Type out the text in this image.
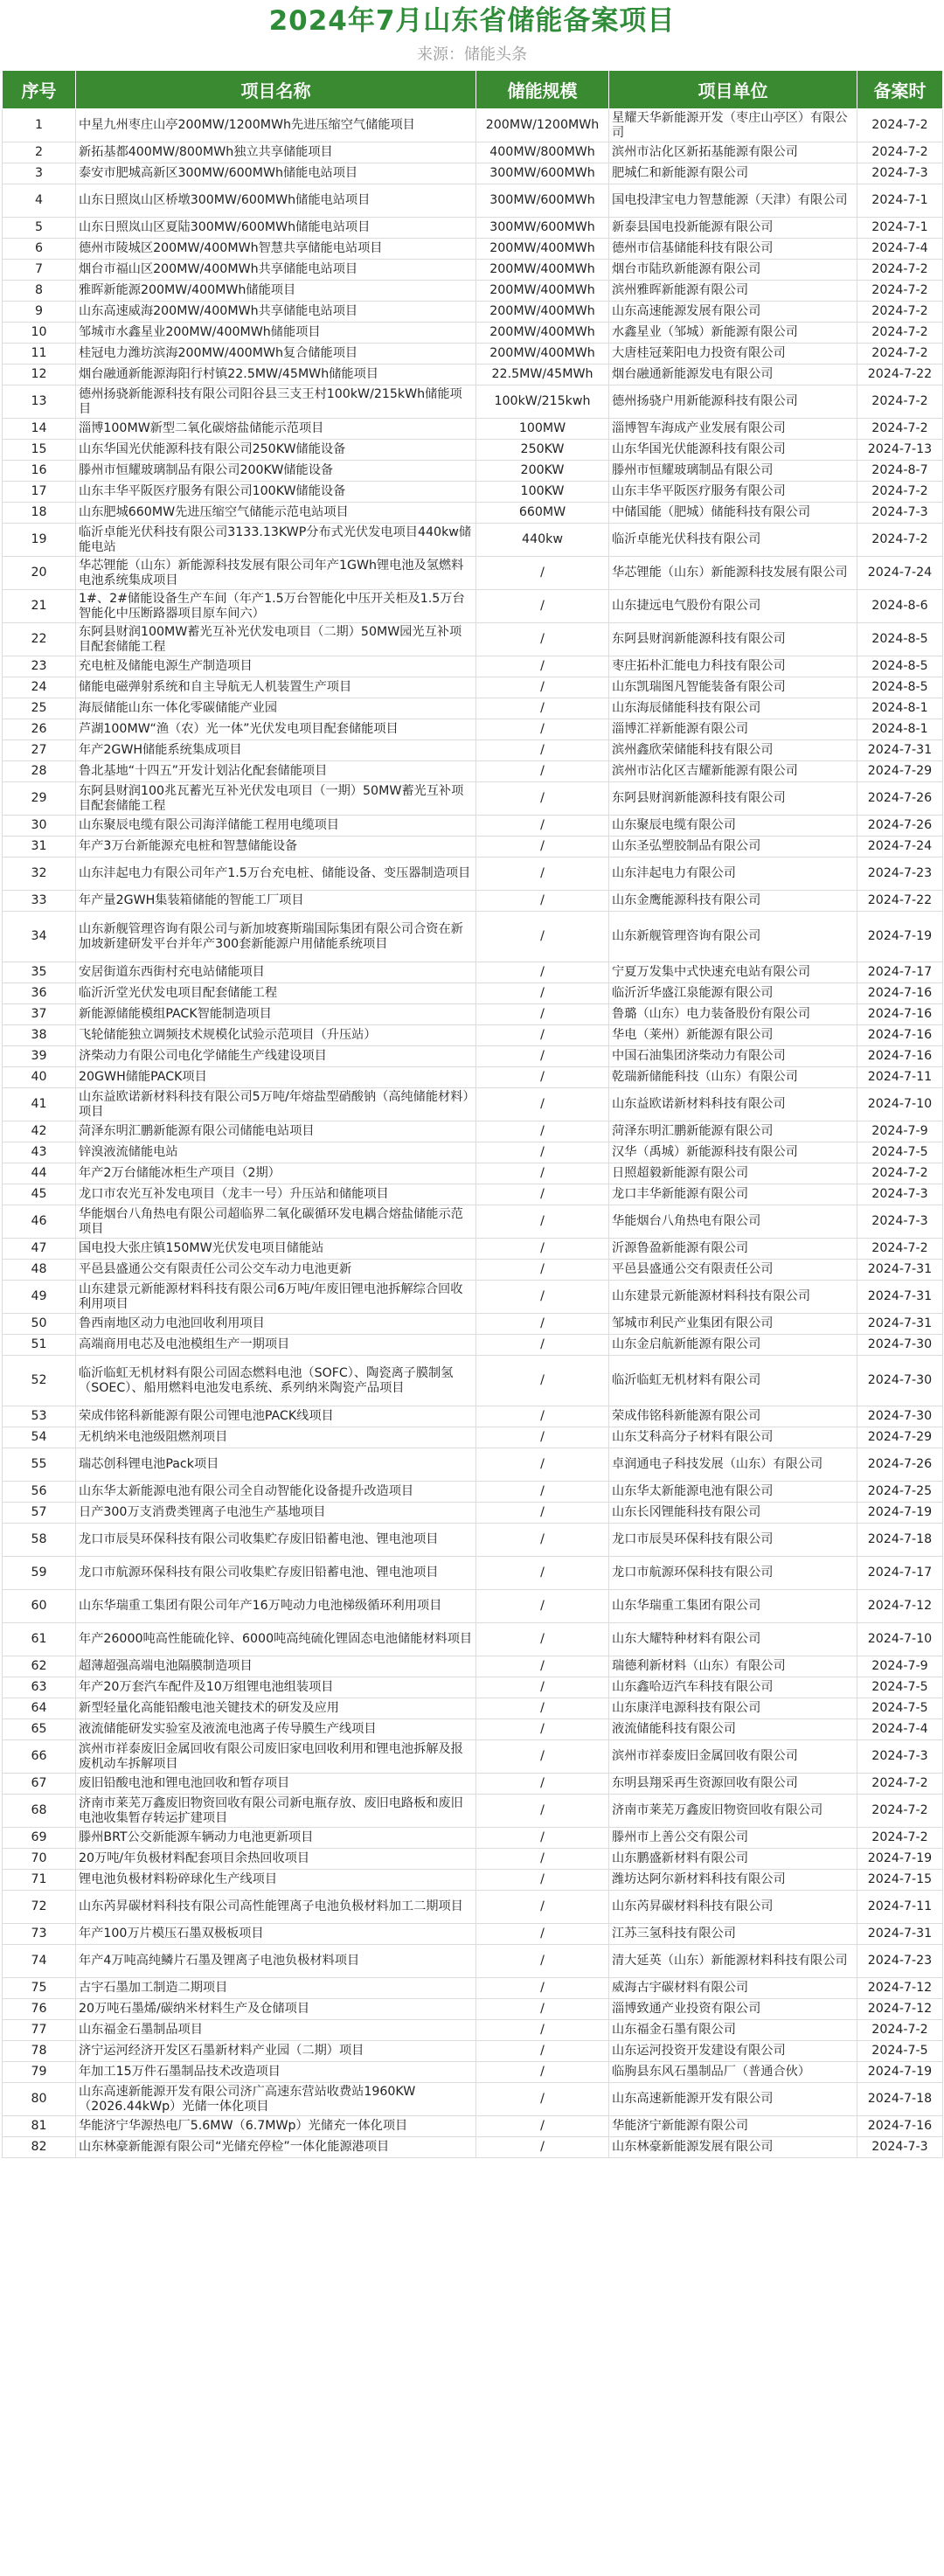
2024年7月山东省储能备案项目
来源：储能头条
序号	项目名称	储能规模	项目单位	备案时
1	中星九州枣庄山亭200MW/1200MWh先进压缩空气储能项目	200MW/1200MWh	星耀天华新能源开发（枣庄山亭区）有限公司	2024-7-2
2	新拓基都400MW/800MWh独立共享储能项目	400MW/800MWh	滨州市沾化区新拓基能源有限公司	2024-7-2
3	泰安市肥城高新区300MW/600MWh储能电站项目	300MW/600MWh	肥城仁和新能源有限公司	2024-7-3
4	山东日照岚山区桥墩300MW/600MWh储能电站项目	300MW/600MWh	国电投津宝电力智慧能源（天津）有限公司	2024-7-1
5	山东日照岚山区夏陆300MW/600MWh储能电站项目	300MW/600MWh	新泰县国电投新能源有限公司	2024-7-1
6	德州市陵城区200MW/400MWh智慧共享储能电站项目	200MW/400MWh	德州市信基储能科技有限公司	2024-7-4
7	烟台市福山区200MW/400MWh共享储能电站项目	200MW/400MWh	烟台市陆玖新能源有限公司	2024-7-2
8	雅晖新能源200MW/400MWh储能项目	200MW/400MWh	滨州雅晖新能源有限公司	2024-7-2
9	山东高速威海200MW/400MWh共享储能电站项目	200MW/400MWh	山东高速能源发展有限公司	2024-7-2
10	邹城市水鑫星业200MW/400MWh储能项目	200MW/400MWh	水鑫星业（邹城）新能源有限公司	2024-7-2
11	桂冠电力潍坊滨海200MW/400MWh复合储能项目	200MW/400MWh	大唐桂冠莱阳电力投资有限公司	2024-7-2
12	烟台融通新能源海阳行村镇22.5MW/45MWh储能项目	22.5MW/45MWh	烟台融通新能源发电有限公司	2024-7-22
13	德州扬骁新能源科技有限公司阳谷县三支王村100kW/215kWh储能项目	100kW/215kwh	德州扬骁户用新能源科技有限公司	2024-7-2
14	淄博100MW新型二氧化碳熔盐储能示范项目	100MW	淄博智车海成产业发展有限公司	2024-7-2
15	山东华国光伏能源科技有限公司250KW储能设备	250KW	山东华国光伏能源科技有限公司	2024-7-13
16	滕州市恒耀玻璃制品有限公司200KW储能设备	200KW	滕州市恒耀玻璃制品有限公司	2024-8-7
17	山东丰华平阪医疗服务有限公司100KW储能设备	100KW	山东丰华平阪医疗服务有限公司	2024-7-2
18	山东肥城660MW先进压缩空气储能示范电站项目	660MW	中储国能（肥城）储能科技有限公司	2024-7-3
19	临沂卓能光伏科技有限公司3133.13KWP分布式光伏发电项目440kw储能电站	440kw	临沂卓能光伏科技有限公司	2024-7-2
20	华芯锂能（山东）新能源科技发展有限公司年产1GWh锂电池及氢燃料电池系统集成项目	/	华芯锂能（山东）新能源科技发展有限公司	2024-7-24
21	1#、2#储能设备生产车间（年产1.5万台智能化中压开关柜及1.5万台智能化中压断路器项目原车间六）	/	山东捷远电气股份有限公司	2024-8-6
22	东阿县财润100MW蓄光互补光伏发电项目（二期）50MW园光互补项目配套储能工程	/	东阿县财润新能源科技有限公司	2024-8-5
23	充电桩及储能电源生产制造项目	/	枣庄拓朴汇能电力科技有限公司	2024-8-5
24	储能电磁弹射系统和自主导航无人机装置生产项目	/	山东凯瑞图凡智能装备有限公司	2024-8-5
25	海辰储能山东一体化零碳储能产业园	/	山东海辰储能科技有限公司	2024-8-1
26	芦湖100MW“渔（农）光一体”光伏发电项目配套储能项目	/	淄博汇祥新能源有限公司	2024-8-1
27	年产2GWH储能系统集成项目	/	滨州鑫欣荣储能科技有限公司	2024-7-31
28	鲁北基地“十四五”开发计划沾化配套储能项目	/	滨州市沾化区吉耀新能源有限公司	2024-7-29
29	东阿县财润100兆瓦蓄光互补光伏发电项目（一期）50MW蓄光互补项目配套储能工程	/	东阿县财润新能源科技有限公司	2024-7-26
30	山东聚辰电缆有限公司海洋储能工程用电缆项目	/	山东聚辰电缆有限公司	2024-7-26
31	年产3万台新能源充电桩和智慧储能设备	/	山东圣弘塑胶制品有限公司	2024-7-24
32	山东沣起电力有限公司年产1.5万台充电桩、储能设备、变压器制造项目	/	山东沣起电力有限公司	2024-7-23
33	年产量2GWH集装箱储能的智能工厂项目	/	山东金鹰能源科技有限公司	2024-7-22
34	山东新舰管理咨询有限公司与新加坡赛斯瑞国际集团有限公司合资在新加坡新建研发平台并年产300套新能源户用储能系统项目	/	山东新舰管理咨询有限公司	2024-7-19
35	安居街道东西街村充电站储能项目	/	宁夏万发集中式快速充电站有限公司	2024-7-17
36	临沂沂堂光伏发电项目配套储能工程	/	临沂沂华盛江泉能源有限公司	2024-7-16
37	新能源储能模组PACK智能制造项目	/	鲁璐（山东）电力装备股份有限公司	2024-7-16
38	飞轮储能独立调频技术规模化试验示范项目（升压站）	/	华电（莱州）新能源有限公司	2024-7-16
39	济柴动力有限公司电化学储能生产线建设项目	/	中国石油集团济柴动力有限公司	2024-7-16
40	20GWH储能PACK项目	/	乾瑞新储能科技（山东）有限公司	2024-7-11
41	山东益欧诺新材料科技有限公司5万吨/年熔盐型硝酸钠（高纯储能材料）项目	/	山东益欧诺新材料科技有限公司	2024-7-10
42	菏泽东明汇鹏新能源有限公司储能电站项目	/	菏泽东明汇鹏新能源有限公司	2024-7-9
43	锌溴液流储能电站	/	汉华（禹城）新能源科技有限公司	2024-7-5
44	年产2万台储能冰柜生产项目（2期）	/	日照超毅新能源有限公司	2024-7-2
45	龙口市农光互补发电项目（龙丰一号）升压站和储能项目	/	龙口丰华新能源有限公司	2024-7-3
46	华能烟台八角热电有限公司超临界二氧化碳循环发电耦合熔盐储能示范项目	/	华能烟台八角热电有限公司	2024-7-3
47	国电投大张庄镇150MW光伏发电项目储能站	/	沂源鲁盈新能源有限公司	2024-7-2
48	平邑县盛通公交有限责任公司公交车动力电池更新	/	平邑县盛通公交有限责任公司	2024-7-31
49	山东建景元新能源材料科技有限公司6万吨/年废旧锂电池拆解综合回收利用项目	/	山东建景元新能源材料科技有限公司	2024-7-31
50	鲁西南地区动力电池回收利用项目	/	邹城市利民产业集团有限公司	2024-7-31
51	高端商用电芯及电池模组生产一期项目	/	山东金启航新能源有限公司	2024-7-30
52	临沂临虹无机材料有限公司固态燃料电池（SOFC）、陶瓷离子膜制氢（SOEC）、船用燃料电池发电系统、系列纳米陶瓷产品项目	/	临沂临虹无机材料有限公司	2024-7-30
53	荣成伟铭科新能源有限公司锂电池PACK线项目	/	荣成伟铭科新能源有限公司	2024-7-30
54	无机纳米电池级阻燃剂项目	/	山东艾科高分子材料有限公司	2024-7-29
55	瑞芯创科锂电池Pack项目	/	卓润通电子科技发展（山东）有限公司	2024-7-26
56	山东华太新能源电池有限公司全自动智能化设备提升改造项目	/	山东华太新能源电池有限公司	2024-7-25
57	日产300万支消费类锂离子电池生产基地项目	/	山东长冈锂能科技有限公司	2024-7-19
58	龙口市辰昊环保科技有限公司收集贮存废旧铅蓄电池、锂电池项目	/	龙口市辰昊环保科技有限公司	2024-7-18
59	龙口市航源环保科技有限公司收集贮存废旧铅蓄电池、锂电池项目	/	龙口市航源环保科技有限公司	2024-7-17
60	山东华瑞重工集团有限公司年产16万吨动力电池梯级循环利用项目	/	山东华瑞重工集团有限公司	2024-7-12
61	年产26000吨高性能硫化锌、6000吨高纯硫化锂固态电池储能材料项目	/	山东大耀特种材料有限公司	2024-7-10
62	超薄超强高端电池隔膜制造项目	/	瑞德利新材料（山东）有限公司	2024-7-9
63	年产20万套汽车配件及10万组锂电池组装项目	/	山东鑫哈迈汽车科技有限公司	2024-7-5
64	新型轻量化高能铅酸电池关键技术的研发及应用	/	山东康洋电源科技有限公司	2024-7-5
65	液流储能研发实验室及液流电池离子传导膜生产线项目	/	液流储能科技有限公司	2024-7-4
66	滨州市祥泰废旧金属回收有限公司废旧家电回收利用和锂电池拆解及报废机动车拆解项目	/	滨州市祥泰废旧金属回收有限公司	2024-7-3
67	废旧铅酸电池和锂电池回收和暂存项目	/	东明县翔采再生资源回收有限公司	2024-7-2
68	济南市莱芜万鑫废旧物资回收有限公司新电瓶存放、废旧电路板和废旧电池收集暂存转运扩建项目	/	济南市莱芜万鑫废旧物资回收有限公司	2024-7-2
69	滕州BRT公交新能源车辆动力电池更新项目	/	滕州市上善公交有限公司	2024-7-2
70	20万吨/年负极材料配套项目余热回收项目	/	山东鹏盛新材料有限公司	2024-7-19
71	锂电池负极材料粉碎球化生产线项目	/	潍坊达阿尔新材料科技有限公司	2024-7-15
72	山东芮昇碳材料科技有限公司高性能锂离子电池负极材料加工二期项目	/	山东芮昇碳材料科技有限公司	2024-7-11
73	年产100万片模压石墨双极板项目	/	江苏三氢科技有限公司	2024-7-31
74	年产4万吨高纯鳞片石墨及锂离子电池负极材料项目	/	清大延英（山东）新能源材料科技有限公司	2024-7-23
75	古宇石墨加工制造二期项目	/	威海古宇碳材料有限公司	2024-7-12
76	20万吨石墨烯/碳纳米材料生产及仓储项目	/	淄博致通产业投资有限公司	2024-7-12
77	山东福金石墨制品项目	/	山东福金石墨有限公司	2024-7-2
78	济宁运河经济开发区石墨新材料产业园（二期）项目	/	山东运河投资开发建设有限公司	2024-7-5
79	年加工15万件石墨制品技术改造项目	/	临朐县东风石墨制品厂（普通合伙）	2024-7-19
80	山东高速新能源开发有限公司济广高速东营站收费站1960KW（2026.44kWp）光储一体化项目	/	山东高速新能源开发有限公司	2024-7-18
81	华能济宁华源热电厂5.6MW（6.7MWp）光储充一体化项目	/	华能济宁新能源有限公司	2024-7-16
82	山东林豪新能源有限公司“光储充停检”一体化能源港项目	/	山东林豪新能源发展有限公司	2024-7-3
